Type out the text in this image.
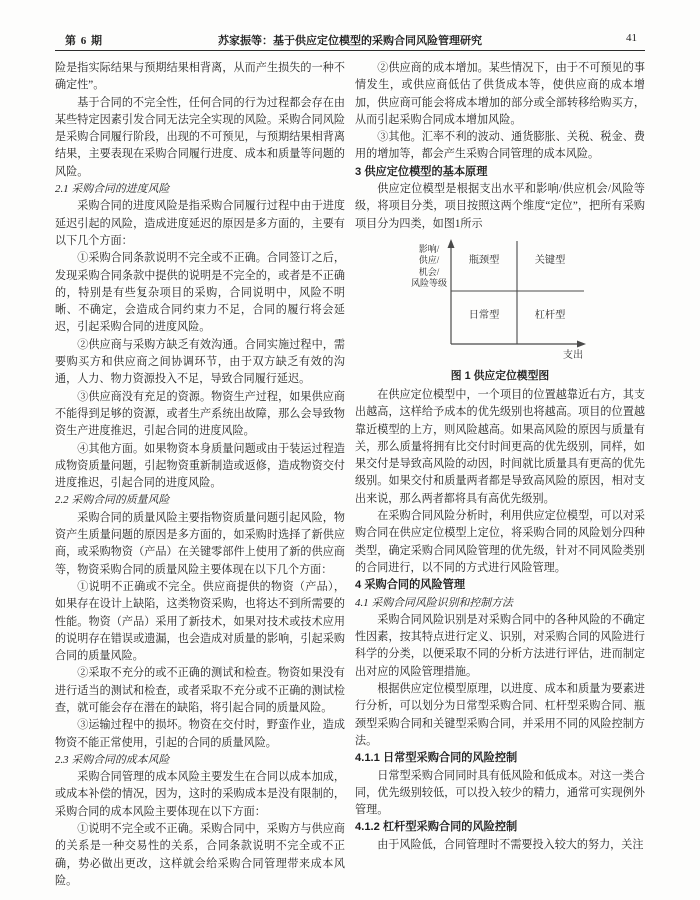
第 6 期	苏家振等：基于供应定位模型的采购合同风险管理研究	41

险是指实际结果与预期结果相背离，从而产生损失的一种不确定性”。

基于合同的不完全性，任何合同的行为过程都会存在由某些特定因素引发合同无法完全实现的风险。采购合同风险是采购合同履行阶段，出现的不可预见，与预期结果相背离结果，主要表现在采购合同履行进度、成本和质量等问题的风险。

2.1 采购合同的进度风险

采购合同的进度风险是指采购合同履行过程中由于进度延迟引起的风险，造成进度延迟的原因是多方面的，主要有以下几个方面：

①采购合同条款说明不完全或不正确。合同签订之后，发现采购合同条款中提供的说明是不完全的，或者是不正确的，特别是有些复杂项目的采购，合同说明中，风险不明晰、不确定，会造成合同约束力不足，合同的履行将会延迟，引起采购合同的进度风险。

②供应商与采购方缺乏有效沟通。合同实施过程中，需要购买方和供应商之间协调环节，由于双方缺乏有效的沟通，人力、物力资源投入不足，导致合同履行延迟。

③供应商没有充足的资源。物资生产过程，如果供应商不能得到足够的资源，或者生产系统出故障，那么会导致物资生产进度推迟，引起合同的进度风险。

④其他方面。如果物资本身质量问题或由于装运过程造成物资质量问题，引起物资重新制造或返修，造成物资交付进度推迟，引起合同的进度风险。

2.2 采购合同的质量风险

采购合同的质量风险主要指物资质量问题引起风险，物资产生质量问题的原因是多方面的，如采购时选择了新供应商，或采购物资（产品）在关键零部件上使用了新的供应商等，物资采购合同的质量风险主要体现在以下几个方面：

①说明不正确或不完全。供应商提供的物资（产品），如果存在设计上缺陷，这类物资采购，也将达不到所需要的性能。物资（产品）采用了新技术，如果对技术或技术应用的说明存在错误或遗漏，也会造成对质量的影响，引起采购合同的质量风险。

②采取不充分的或不正确的测试和检查。物资如果没有进行适当的测试和检查，或者采取不充分或不正确的测试检查，就可能会存在潜在的缺陷，将引起合同的质量风险。

③运输过程中的损坏。物资在交付时，野蛮作业，造成物资不能正常使用，引起的合同的质量风险。

2.3 采购合同的成本风险

采购合同管理的成本风险主要发生在合同以成本加成，或成本补偿的情况，因为，这时的采购成本是没有限制的，采购合同的成本风险主要体现在以下方面：

①说明不完全或不正确。采购合同中，采购方与供应商的关系是一种交易性的关系，合同条款说明不完全或不正确，势必做出更改，这样就会给采购合同管理带来成本风险。

②供应商的成本增加。某些情况下，由于不可预见的事情发生，或供应商低估了供货成本等，使供应商的成本增加，供应商可能会将成本增加的部分或全部转移给购买方，从而引起采购合同成本增加风险。

③其他。汇率不利的波动、通货膨胀、关税、税金、费用的增加等，都会产生采购合同管理的成本风险。

3 供应定位模型的基本原理

供应定位模型是根据支出水平和影响/供应机会/风险等级，将项目分类，项目按照这两个维度“定位”，把所有采购项目分为四类，如图1所示

影响/
供应/
机会/
风险等级
瓶颈型	关键型
日常型	杠杆型
支出

图 1 供应定位模型图

在供应定位模型中，一个项目的位置越靠近右方，其支出越高，这样给予成本的优先级别也将越高。项目的位置越靠近模型的上方，则风险越高。如果高风险的原因与质量有关，那么质量将拥有比交付时间更高的优先级别，同样，如果交付是导致高风险的动因，时间就比质量具有更高的优先级别。如果交付和质量两者都是导致高风险的原因，相对支出来说，那么两者都将具有高优先级别。

在采购合同风险分析时，利用供应定位模型，可以对采购合同在供应定位模型上定位，将采购合同的风险划分四种类型，确定采购合同风险管理的优先级，针对不同风险类别的合同进行，以不同的方式进行风险管理。

4 采购合同的风险管理

4.1 采购合同风险识别和控制方法

采购合同风险识别是对采购合同中的各种风险的不确定性因素，按其特点进行定义、识别，对采购合同的风险进行科学的分类，以便采取不同的分析方法进行评估，进而制定出对应的风险管理措施。

根据供应定位模型原理，以进度、成本和质量为要素进行分析，可以划分为日常型采购合同、杠杆型采购合同、瓶颈型采购合同和关键型采购合同，并采用不同的风险控制方法。

4.1.1 日常型采购合同的风险控制

日常型采购合同同时具有低风险和低成本。对这一类合同，优先级别较低，可以投入较少的精力，通常可实现例外管理。

4.1.2 杠杆型采购合同的风险控制

由于风险低，合同管理时不需要投入较大的努力，关注
